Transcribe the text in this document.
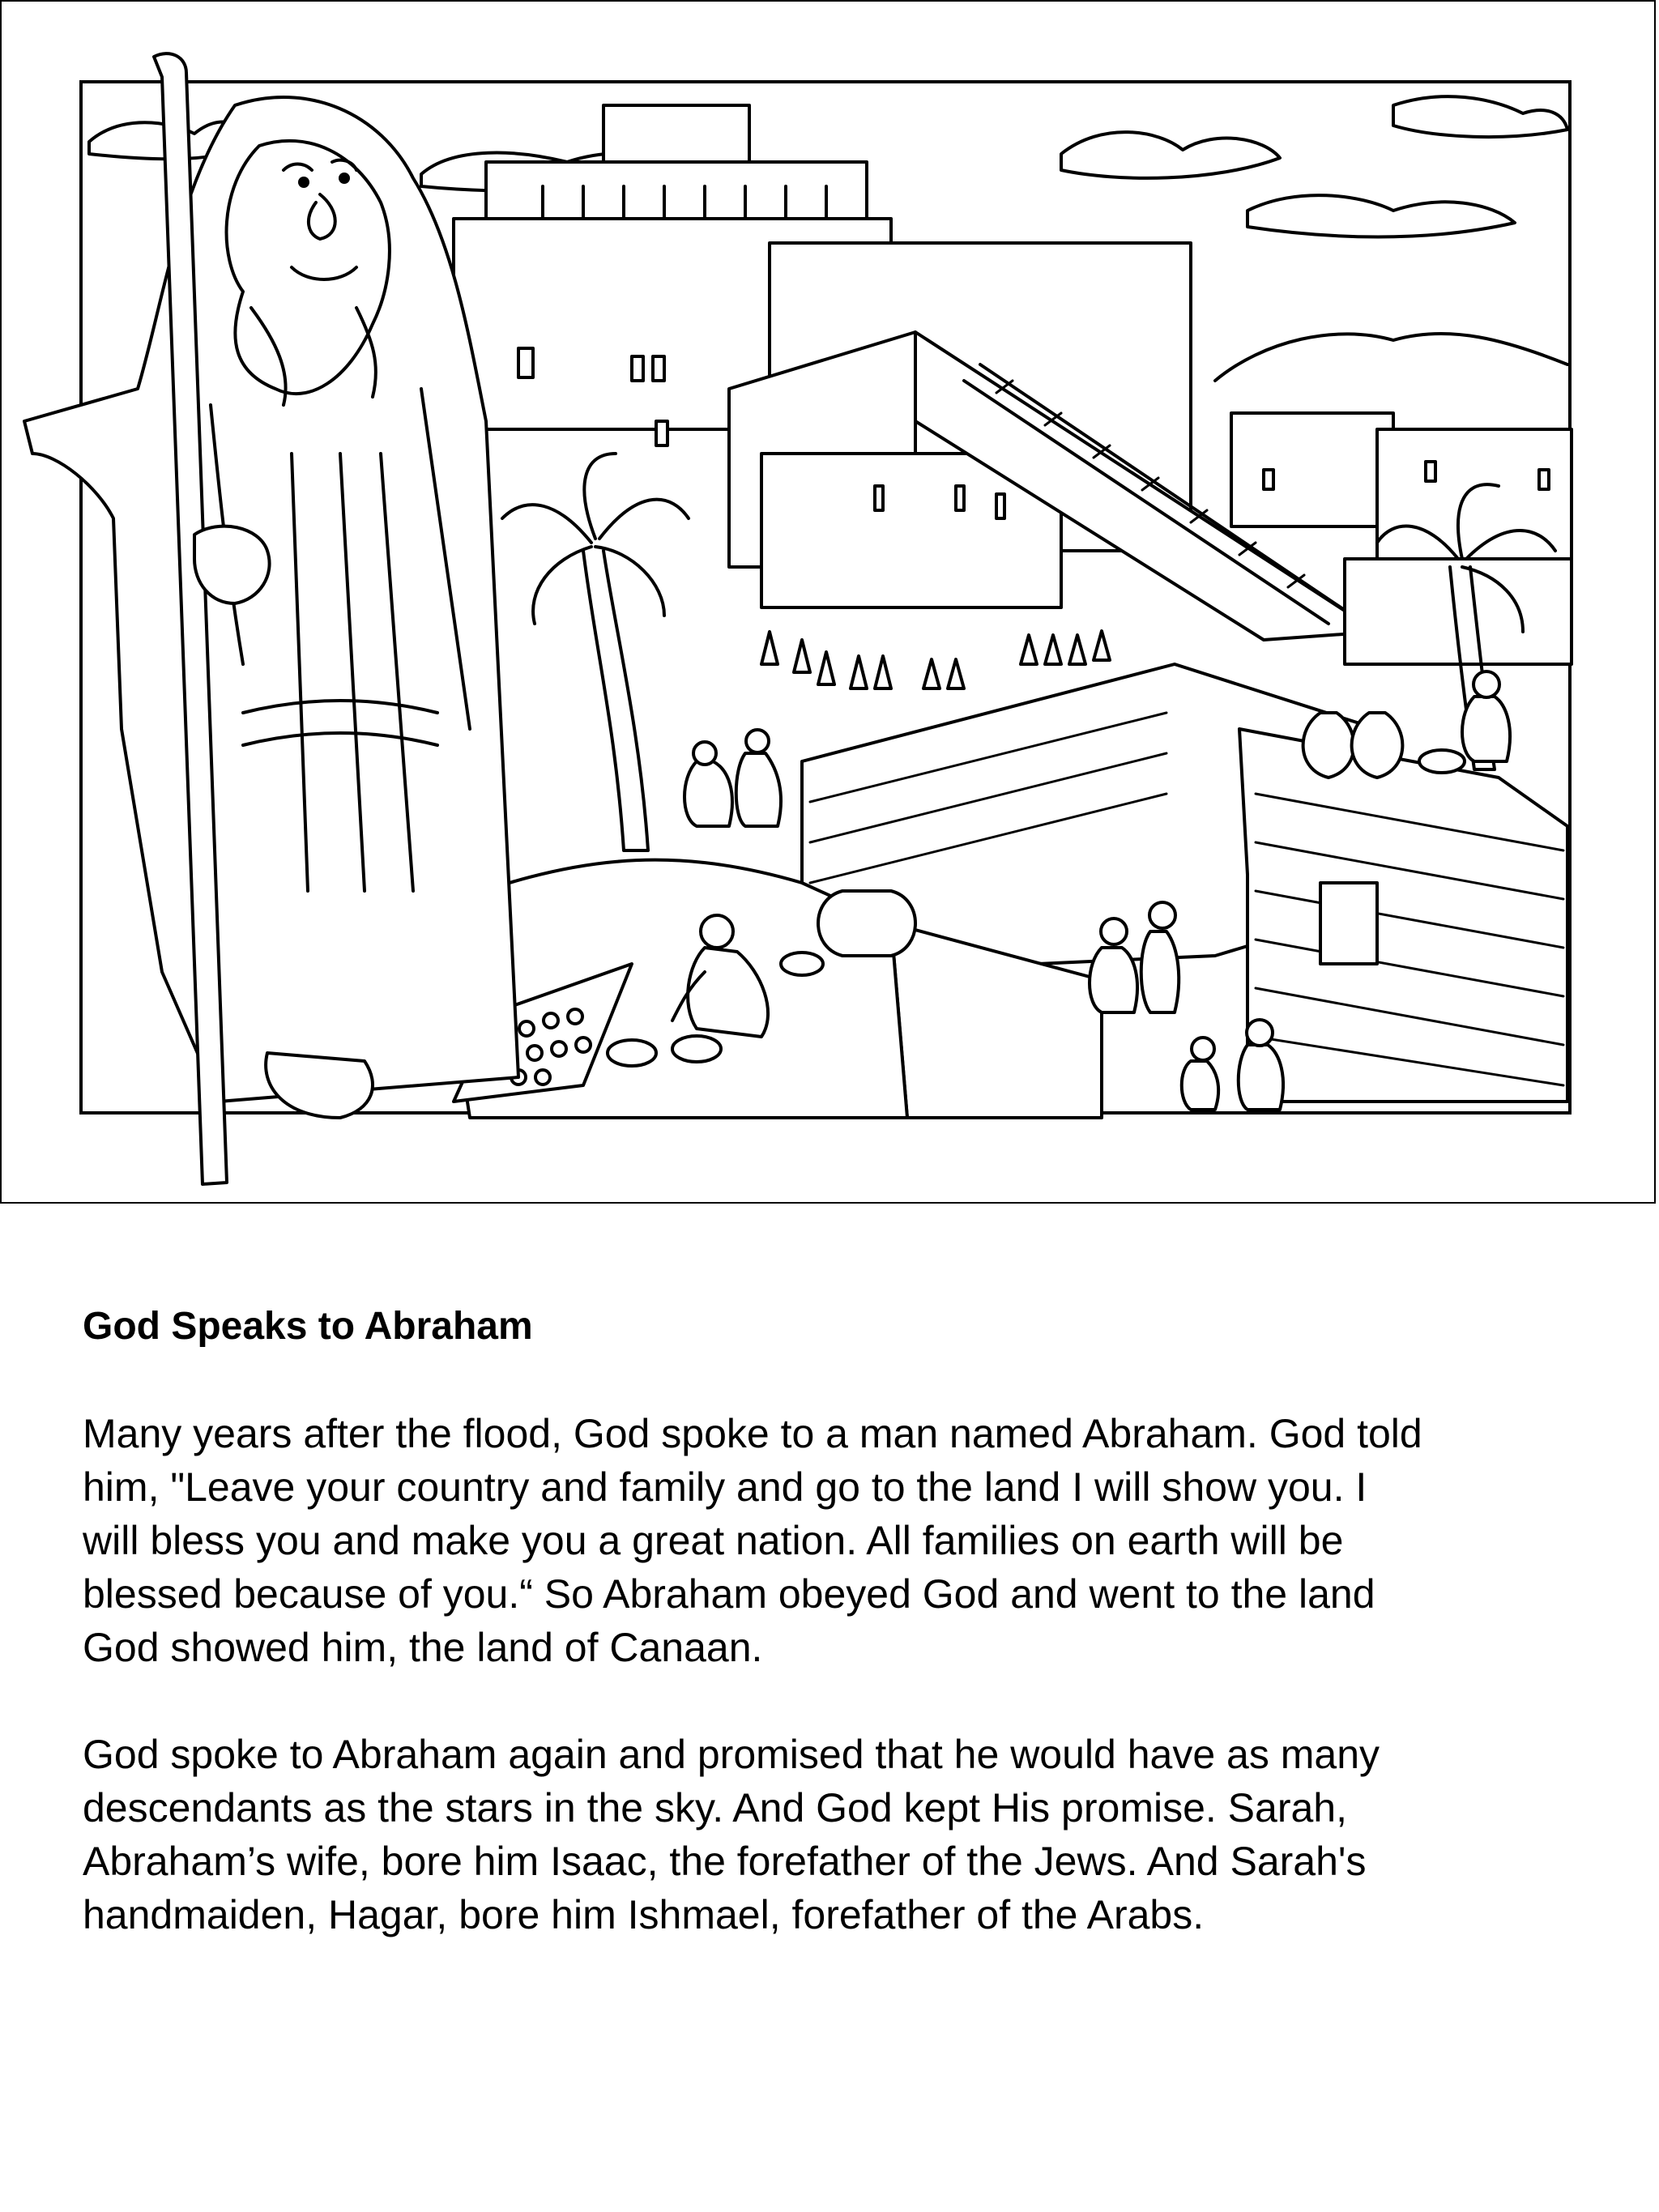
God Speaks to Abraham
Many years after the flood, God spoke to a man named Abraham. God told
him, "Leave your country and family and go to the land I will show you. I
will bless you and make you a great nation. All families on earth will be
blessed because of you.“ So Abraham obeyed God and went to the land
God showed him, the land of Canaan.
God spoke to Abraham again and promised that he would have as many
descendants as the stars in the sky. And God kept His promise. Sarah,
Abraham’s wife, bore him Isaac, the forefather of the Jews. And Sarah's
handmaiden, Hagar, bore him Ishmael, forefather of the Arabs.
